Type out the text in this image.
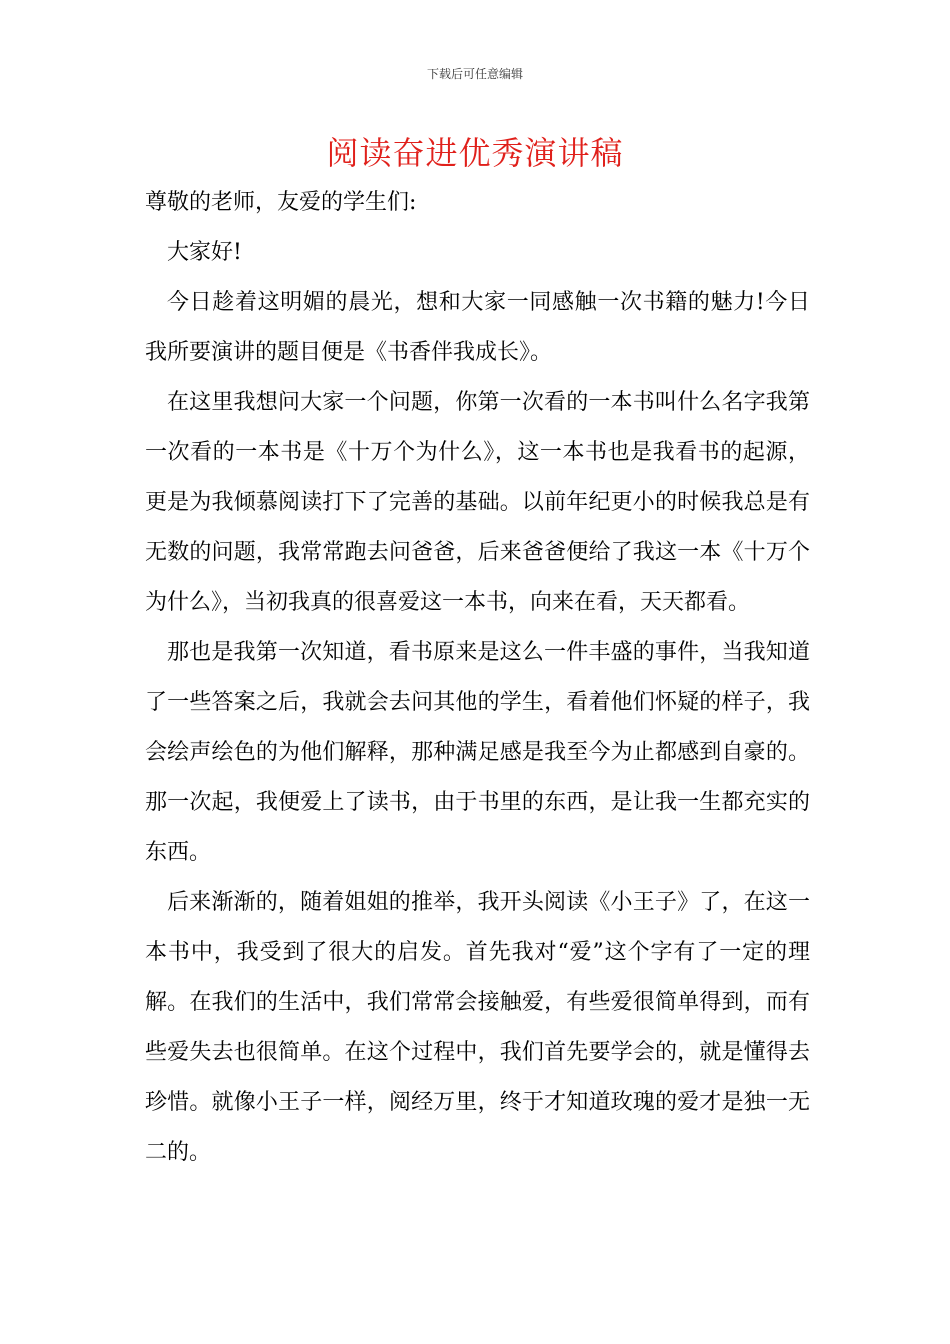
下载后可任意编辑
阅读奋进优秀演讲稿

尊敬的老师，友爱的学生们:

大家好!

今日趁着这明媚的晨光，想和大家一同感触一次书籍的魅力!今日我所要演讲的题目便是《书香伴我成长》。

在这里我想问大家一个问题，你第一次看的一本书叫什么名字我第一次看的一本书是《十万个为什么》，这一本书也是我看书的起源，更是为我倾慕阅读打下了完善的基础。以前年纪更小的时候我总是有无数的问题，我常常跑去问爸爸，后来爸爸便给了我这一本《十万个为什么》，当初我真的很喜爱这一本书，向来在看，天天都看。

那也是我第一次知道，看书原来是这么一件丰盛的事件，当我知道了一些答案之后，我就会去问其他的学生，看着他们怀疑的样子，我会绘声绘色的为他们解释，那种满足感是我至今为止都感到自豪的。那一次起，我便爱上了读书，由于书里的东西，是让我一生都充实的东西。

后来渐渐的，随着姐姐的推举，我开头阅读《小王子》了，在这一本书中，我受到了很大的启发。首先我对“爱”这个字有了一定的理解。在我们的生活中，我们常常会接触爱，有些爱很简单得到，而有些爱失去也很简单。在这个过程中，我们首先要学会的，就是懂得去珍惜。就像小王子一样，阅经万里，终于才知道玫瑰的爱才是独一无二的。
